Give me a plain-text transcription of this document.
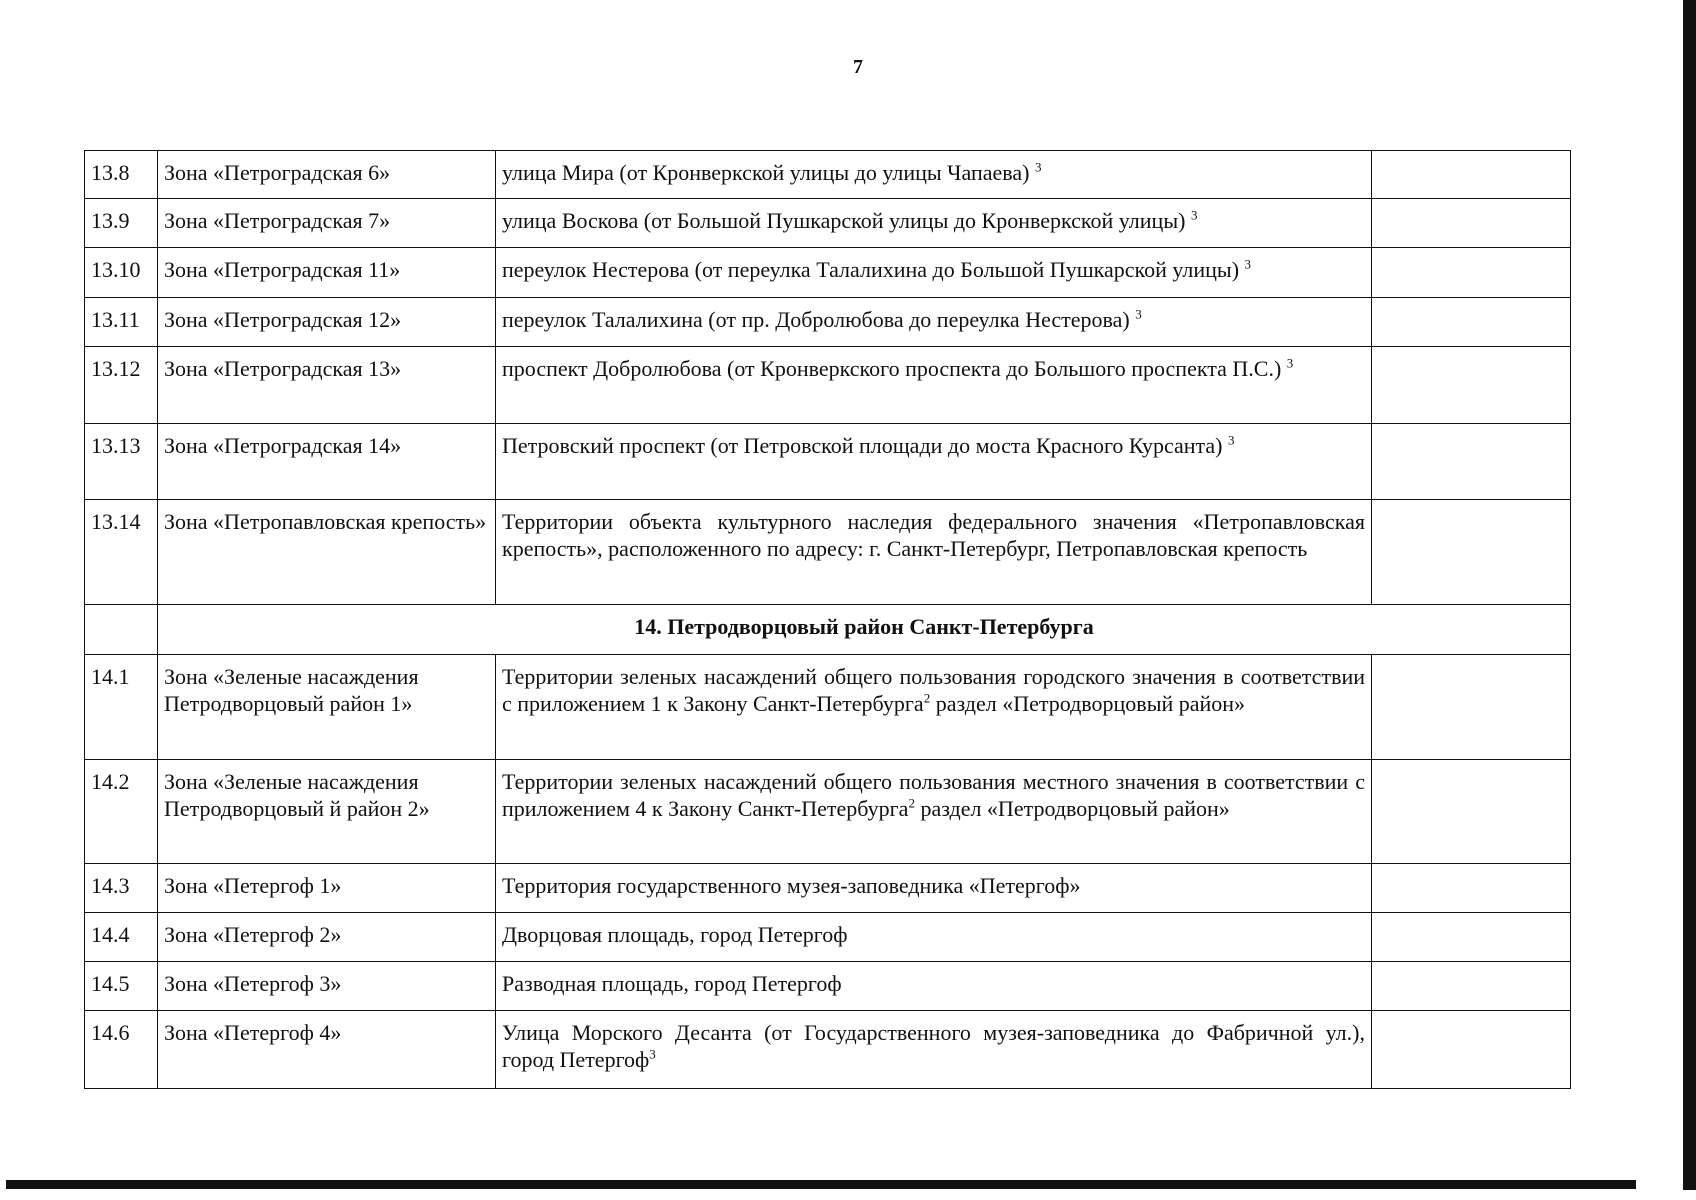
7
13.8	Зона «Петроградская 6»	улица Мира (от Кронверкской улицы до улицы Чапаева) $^3$	
13.9	Зона «Петроградская 7»	улица Воскова (от Большой Пушкарской улицы до Кронверкской улицы) $^3$	
13.10	Зона «Петроградская 11»	переулок Нестерова (от переулка Талалихина до Большой Пушкарской улицы) $^3$	
13.11	Зона «Петроградская 12»	переулок Талалихина (от пр. Добролюбова до переулка Нестерова) $^3$	
13.12	Зона «Петроградская 13»	проспект Добролюбова (от Кронверкского проспекта до Большого проспекта П.С.) $^3$	
13.13	Зона «Петроградская 14»	Петровский проспект (от Петровской площади до моста Красного Курсанта) $^3$	
13.14	Зона «Петропавловская крепость»	Территории объекта культурного наследия федерального значения «Петропавловская крепость», расположенного по адресу: г. Санкт-Петербург, Петропавловская крепость	
	14. Петродворцовый район Санкт-Петербурга		
14.1	Зона «Зеленые насаждения Петродворцовый район 1»	Территории зеленых насаждений общего пользования городского значения в соответствии с приложением 1 к Закону Санкт-Петербурга$^2$ раздел «Петродворцовый район»	
14.2	Зона «Зеленые насаждения Петродворцовый й район 2»	Территории зеленых насаждений общего пользования местного значения в соответствии с приложением 4 к Закону Санкт-Петербурга$^2$ раздел «Петродворцовый район»	
14.3	Зона «Петергоф 1»	Территория государственного музея-заповедника «Петергоф»	
14.4	Зона «Петергоф 2»	Дворцовая площадь, город Петергоф	
14.5	Зона «Петергоф 3»	Разводная площадь, город Петергоф	
14.6	Зона «Петергоф 4»	Улица Морского Десанта (от Государственного музея-заповедника до Фабричной ул.), город Петергоф$^3$	
